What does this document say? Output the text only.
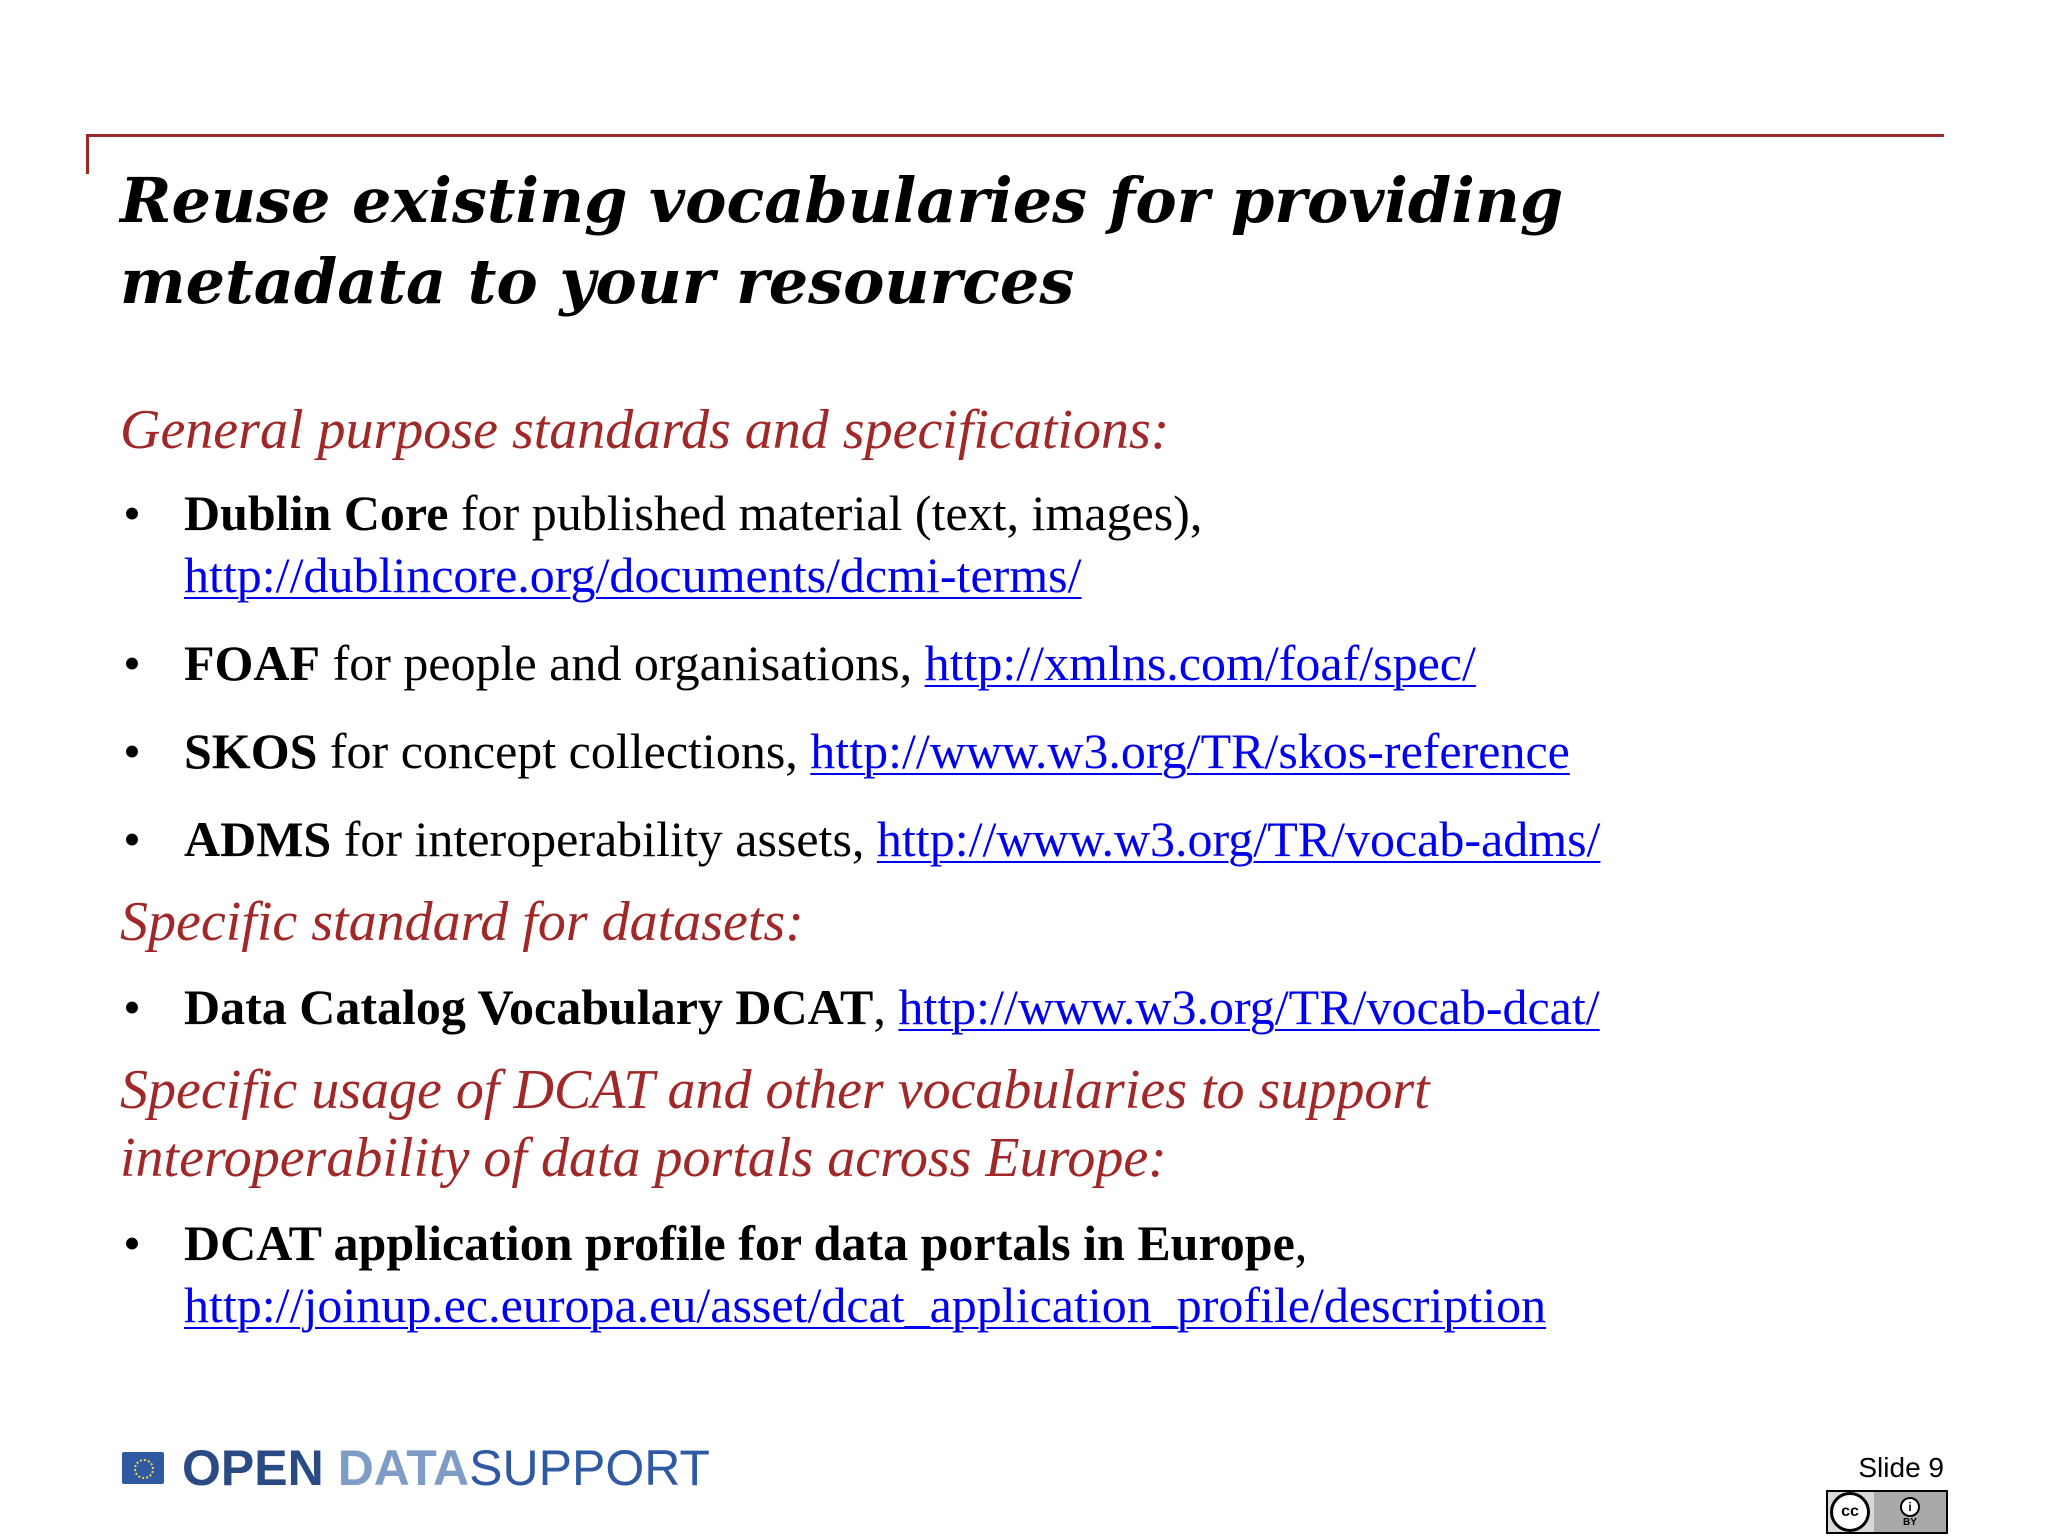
Reuse existing vocabularies for providing
metadata to your resources

General purpose standards and specifications:

• Dublin Core for published material (text, images),
http://dublincore.org/documents/dcmi-terms/
• FOAF for people and organisations, http://xmlns.com/foaf/spec/
• SKOS for concept collections, http://www.w3.org/TR/skos-reference
• ADMS for interoperability assets, http://www.w3.org/TR/vocab-adms/

Specific standard for datasets:

• Data Catalog Vocabulary DCAT, http://www.w3.org/TR/vocab-dcat/

Specific usage of DCAT and other vocabularies to support
interoperability of data portals across Europe:

• DCAT application profile for data portals in Europe,
http://joinup.ec.europa.eu/asset/dcat_application_profile/description
OPEN DATA SUPPORT	Slide 9
cc	i
BY
